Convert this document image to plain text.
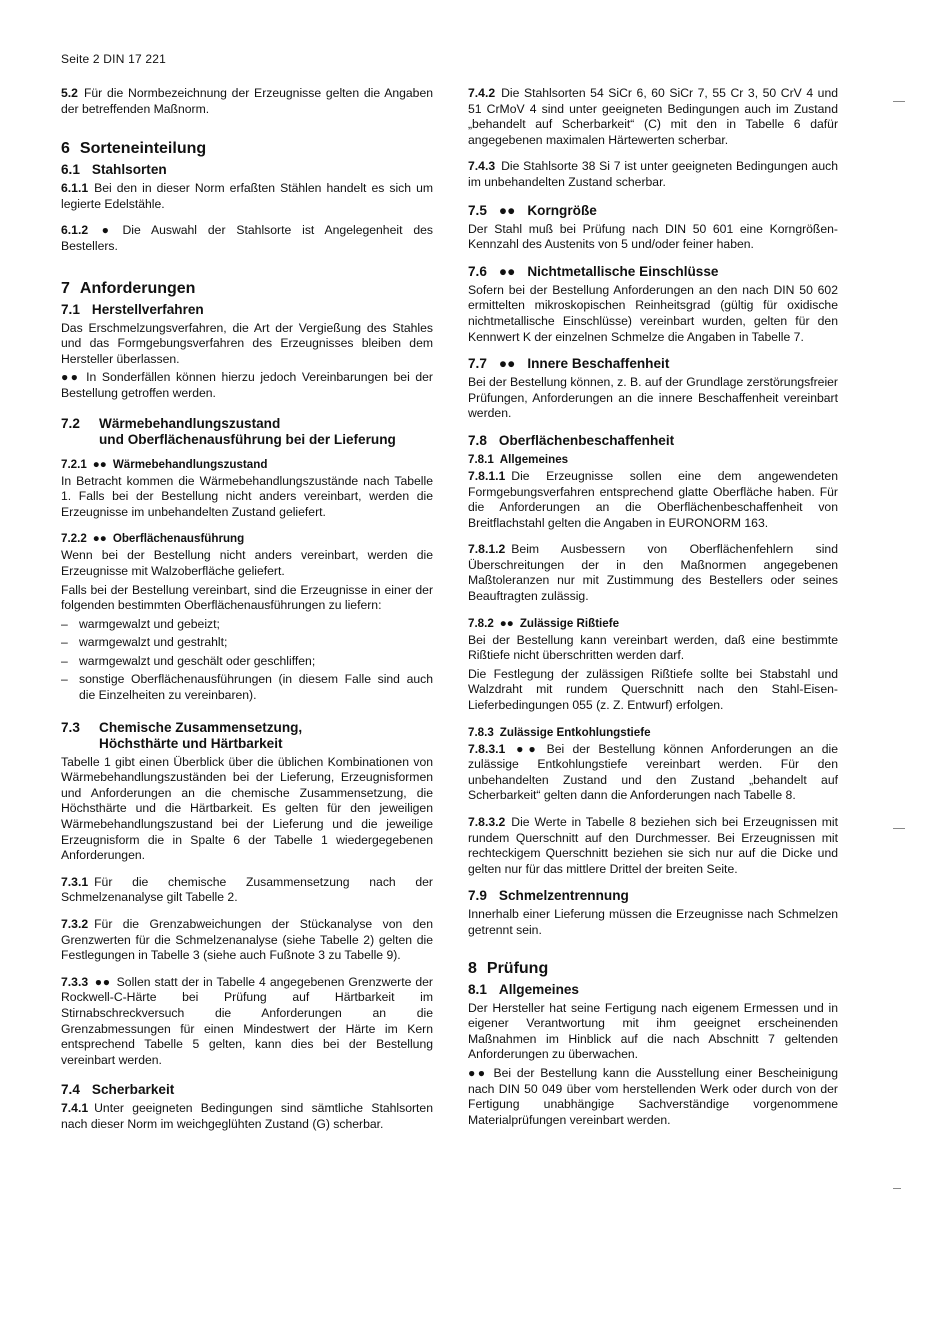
Seite 2 DIN 17 221

5.2 Für die Normbezeichnung der Erzeugnisse gelten die Angaben der betreffenden Maßnorm.

6 Sorteneinteilung
6.1 Stahlsorten

6.1.1 Bei den in dieser Norm erfaßten Stählen handelt es sich um legierte Edelstähle.

6.1.2 ● Die Auswahl der Stahlsorte ist Angelegenheit des Bestellers.

7 Anforderungen
7.1 Herstellverfahren

Das Erschmelzungsverfahren, die Art der Vergießung des Stahles und das Formgebungsverfahren des Erzeugnisses bleiben dem Hersteller überlassen.

●● In Sonderfällen können hierzu jedoch Vereinbarungen bei der Bestellung getroffen werden.

7.2	Wärmebehandlungszustand
und Oberflächenausführung bei der Lieferung
7.2.1 ●● Wärmebehandlungszustand

In Betracht kommen die Wärmebehandlungszustände nach Tabelle 1. Falls bei der Bestellung nicht anders vereinbart, werden die Erzeugnisse im unbehandelten Zustand geliefert.

7.2.2 ●● Oberflächenausführung

Wenn bei der Bestellung nicht anders vereinbart, werden die Erzeugnisse mit Walzoberfläche geliefert.

Falls bei der Bestellung vereinbart, sind die Erzeugnisse in einer der folgenden bestimmten Oberflächenausführungen zu liefern:

– warmgewalzt und gebeizt;
– warmgewalzt und gestrahlt;
– warmgewalzt und geschält oder geschliffen;
– sonstige Oberflächenausführungen (in diesem Falle sind auch die Einzelheiten zu vereinbaren).
7.3	Chemische Zusammensetzung,
Höchsthärte und Härtbarkeit

Tabelle 1 gibt einen Überblick über die üblichen Kombinationen von Wärmebehandlungszuständen bei der Lieferung, Erzeugnisformen und Anforderungen an die chemische Zusammensetzung, die Höchsthärte und die Härtbarkeit. Es gelten für den jeweiligen Wärmebehandlungszustand bei der Lieferung und die jeweilige Erzeugnisform die in Spalte 6 der Tabelle 1 wiedergegebenen Anforderungen.

7.3.1 Für die chemische Zusammensetzung nach der Schmelzenanalyse gilt Tabelle 2.

7.3.2 Für die Grenzabweichungen der Stückanalyse von den Grenzwerten für die Schmelzenanalyse (siehe Tabelle 2) gelten die Festlegungen in Tabelle 3 (siehe auch Fußnote 3 zu Tabelle 9).

7.3.3 ●● Sollen statt der in Tabelle 4 angegebenen Grenzwerte der Rockwell-C-Härte bei Prüfung auf Härtbarkeit im Stirnabschreckversuch die Anforderungen an die Grenzabmessungen für einen Mindestwert der Härte im Kern entsprechend Tabelle 5 gelten, kann dies bei der Bestellung vereinbart werden.

7.4 Scherbarkeit

7.4.1 Unter geeigneten Bedingungen sind sämtliche Stahlsorten nach dieser Norm im weichgeglühten Zustand (G) scherbar.

7.4.2 Die Stahlsorten 54 SiCr 6, 60 SiCr 7, 55 Cr 3, 50 CrV 4 und 51 CrMoV 4 sind unter geeigneten Bedingungen auch im Zustand „behandelt auf Scherbarkeit“ (C) mit den in Tabelle 6 dafür angegebenen maximalen Härtewerten scherbar.

7.4.3 Die Stahlsorte 38 Si 7 ist unter geeigneten Bedingungen auch im unbehandelten Zustand scherbar.

7.5 ●● Korngröße

Der Stahl muß bei Prüfung nach DIN 50 601 eine Korngrößen-Kennzahl des Austenits von 5 und/oder feiner haben.

7.6 ●● Nichtmetallische Einschlüsse

Sofern bei der Bestellung Anforderungen an den nach DIN 50 602 ermittelten mikroskopischen Reinheitsgrad (gültig für oxidische nichtmetallische Einschlüsse) vereinbart wurden, gelten für den Kennwert K der einzelnen Schmelze die Angaben in Tabelle 7.

7.7 ●● Innere Beschaffenheit

Bei der Bestellung können, z. B. auf der Grundlage zerstörungsfreier Prüfungen, Anforderungen an die innere Beschaffenheit vereinbart werden.

7.8 Oberflächenbeschaffenheit
7.8.1 Allgemeines

7.8.1.1 Die Erzeugnisse sollen eine dem angewendeten Formgebungsverfahren entsprechend glatte Oberfläche haben. Für die Anforderungen an die Oberflächenbeschaffenheit von Breitflachstahl gelten die Angaben in EURONORM 163.

7.8.1.2 Beim Ausbessern von Oberflächenfehlern sind Überschreitungen der in den Maßnormen angegebenen Maßtoleranzen nur mit Zustimmung des Bestellers oder seines Beauftragten zulässig.

7.8.2 ●● Zulässige Rißtiefe

Bei der Bestellung kann vereinbart werden, daß eine bestimmte Rißtiefe nicht überschritten werden darf.

Die Festlegung der zulässigen Rißtiefe sollte bei Stabstahl und Walzdraht mit rundem Querschnitt nach den Stahl-Eisen-Lieferbedingungen 055 (z. Z. Entwurf) erfolgen.

7.8.3 Zulässige Entkohlungstiefe

7.8.3.1 ●● Bei der Bestellung können Anforderungen an die zulässige Entkohlungstiefe vereinbart werden. Für den unbehandelten Zustand und den Zustand „behandelt auf Scherbarkeit“ gelten dann die Anforderungen nach Tabelle 8.

7.8.3.2 Die Werte in Tabelle 8 beziehen sich bei Erzeugnissen mit rundem Querschnitt auf den Durchmesser. Bei Erzeugnissen mit rechteckigem Querschnitt beziehen sie sich nur auf die Dicke und gelten nur für das mittlere Drittel der breiten Seite.

7.9 Schmelzentrennung

Innerhalb einer Lieferung müssen die Erzeugnisse nach Schmelzen getrennt sein.

8 Prüfung
8.1 Allgemeines

Der Hersteller hat seine Fertigung nach eigenem Ermessen und in eigener Verantwortung mit ihm geeignet erscheinenden Maßnahmen im Hinblick auf die nach Abschnitt 7 geltenden Anforderungen zu überwachen.

●● Bei der Bestellung kann die Ausstellung einer Bescheinigung nach DIN 50 049 über vom herstellenden Werk oder durch von der Fertigung unabhängige Sachverständige vorgenommene Materialprüfungen vereinbart werden.
